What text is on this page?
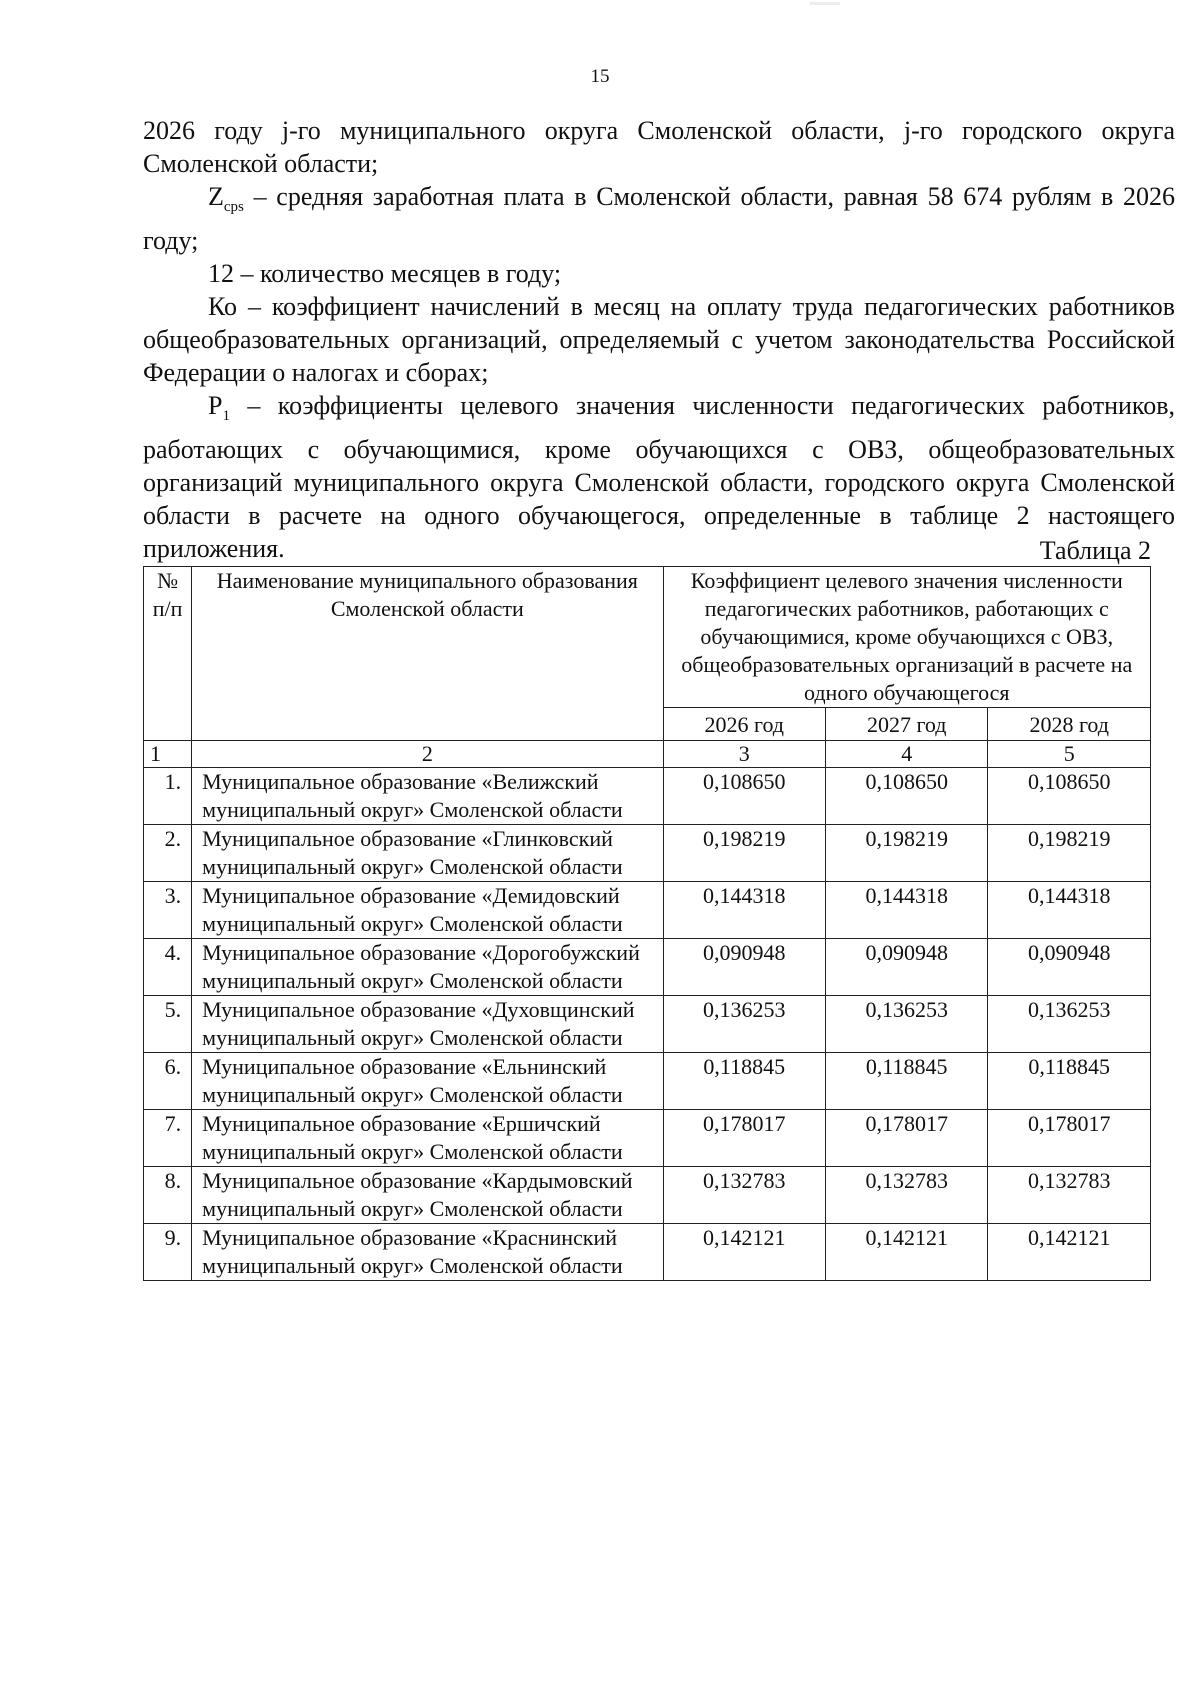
15

2026 году j-го муниципального округа Смоленской области, j-го городского округа Смоленской области;

$Z_{cps}$ – средняя заработная плата в Смоленской области, равная 58 674 рублям в 2026 году;

12 – количество месяцев в году;

Ко – коэффициент начислений в месяц на оплату труда педагогических работников общеобразовательных организаций, определяемый с учетом законодательства Российской Федерации о налогах и сборах;

$P_1$ – коэффициенты целевого значения численности педагогических работников, работающих с обучающимися, кроме обучающихся с ОВЗ, общеобразовательных организаций муниципального округа Смоленской области, городского округа Смоленской области в расчете на одного обучающегося, определенные в таблице 2 настоящего приложения.	Таблица 2
№ п/п	Наименование муниципального образования Смоленской области	Коэффициент целевого значения численности педагогических работников, работающих с обучающимися, кроме обучающихся с ОВЗ, общеобразовательных организаций в расчете на одного обучающегося		
		2026 год	2027 год	2028 год
1	2	3	4	5
1.	Муниципальное образование «Велижский муниципальный округ» Смоленской области	0,108650	0,108650	0,108650
2.	Муниципальное образование «Глинковский муниципальный округ» Смоленской области	0,198219	0,198219	0,198219
3.	Муниципальное образование «Демидовский муниципальный округ» Смоленской области	0,144318	0,144318	0,144318
4.	Муниципальное образование «Дорогобужский муниципальный округ» Смоленской области	0,090948	0,090948	0,090948
5.	Муниципальное образование «Духовщинский муниципальный округ» Смоленской области	0,136253	0,136253	0,136253
6.	Муниципальное образование «Ельнинский муниципальный округ» Смоленской области	0,118845	0,118845	0,118845
7.	Муниципальное образование «Ершичский муниципальный округ» Смоленской области	0,178017	0,178017	0,178017
8.	Муниципальное образование «Кардымовский муниципальный округ» Смоленской области	0,132783	0,132783	0,132783
9.	Муниципальное образование «Краснинский муниципальный округ» Смоленской области	0,142121	0,142121	0,142121
